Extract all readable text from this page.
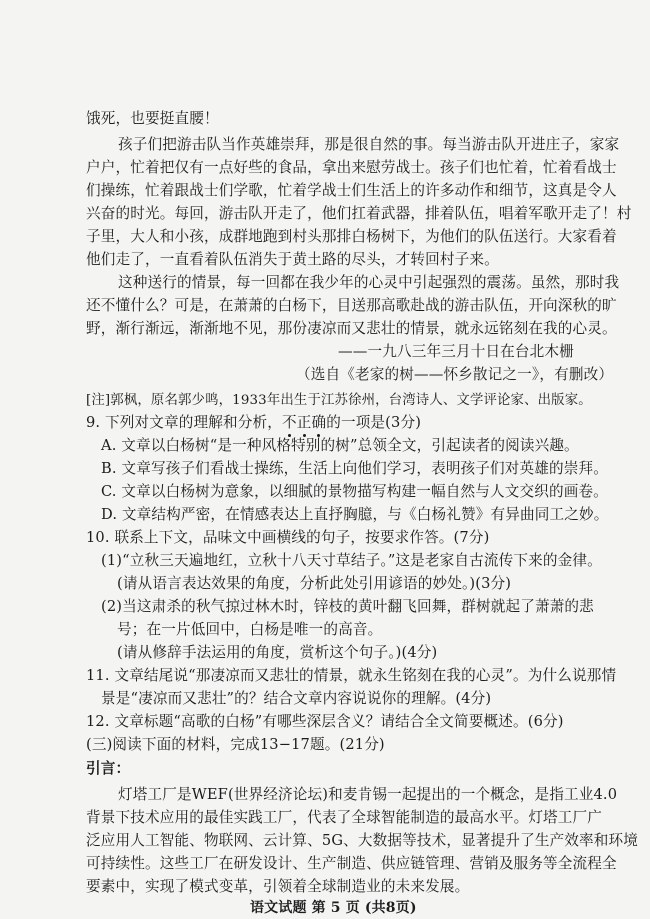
饿死，也要挺直腰！
孩子们把游击队当作英雄崇拜，那是很自然的事。每当游击队开进庄子，家家
户户，忙着把仅有一点好些的食品，拿出来慰劳战士。孩子们也忙着，忙着看战士
们操练，忙着跟战士们学歌，忙着学战士们生活上的许多动作和细节，这真是令人
兴奋的时光。每回，游击队开走了，他们扛着武器，排着队伍，唱着军歌开走了！村
子里，大人和小孩，成群地跑到村头那排白杨树下，为他们的队伍送行。大家看着
他们走了，一直看着队伍消失于黄土路的尽头，才转回村子来。
这种送行的情景，每一回都在我少年的心灵中引起强烈的震荡。虽然，那时我
还不懂什么？可是，在萧萧的白杨下，目送那高歌赴战的游击队伍，开向深秋的旷
野，渐行渐远，渐渐地不见，那份凄凉而又悲壮的情景，就永远铭刻在我的心灵。
——一九八三年三月十日在台北木栅
（选自《老家的树——怀乡散记之一》，有删改）
[注]郭枫，原名郭少鸣，1933年出生于江苏徐州，台湾诗人、文学评论家、出版家。
9. 下列对文章的理解和分析，不正确的一项是(3分)
A. 文章以白杨树“是一种风格特别的树”总领全文，引起读者的阅读兴趣。
B. 文章写孩子们看战士操练，生活上向他们学习，表明孩子们对英雄的崇拜。
C. 文章以白杨树为意象，以细腻的景物描写构建一幅自然与人文交织的画卷。
D. 文章结构严密，在情感表达上直抒胸臆，与《白杨礼赞》有异曲同工之妙。
10. 联系上下文，品味文中画横线的句子，按要求作答。(7分)
(1)“立秋三天遍地红，立秋十八天寸草结子。”这是老家自古流传下来的金律。
(请从语言表达效果的角度，分析此处引用谚语的妙处。)(3分)
(2)当这肃杀的秋气掠过林木时，锌枝的黄叶翻飞回舞，群树就起了萧萧的悲
号；在一片低回中，白杨是唯一的高音。
(请从修辞手法运用的角度，赏析这个句子。)(4分)
11. 文章结尾说“那凄凉而又悲壮的情景，就永生铭刻在我的心灵”。为什么说那情
景是“凄凉而又悲壮”的？结合文章内容说说你的理解。(4分)
12. 文章标题“高歌的白杨”有哪些深层含义？请结合全文简要概述。(6分)
(三)阅读下面的材料，完成13−17题。(21分)
引言：
灯塔工厂是WEF(世界经济论坛)和麦肯锡一起提出的一个概念，是指工业4.0
背景下技术应用的最佳实践工厂，代表了全球智能制造的最高水平。灯塔工厂广
泛应用人工智能、物联网、云计算、5G、大数据等技术，显著提升了生产效率和环境
可持续性。这些工厂在研发设计、生产制造、供应链管理、营销及服务等全流程全
要素中，实现了模式变革，引领着全球制造业的未来发展。
语文试题 第 5 页 (共8页)
